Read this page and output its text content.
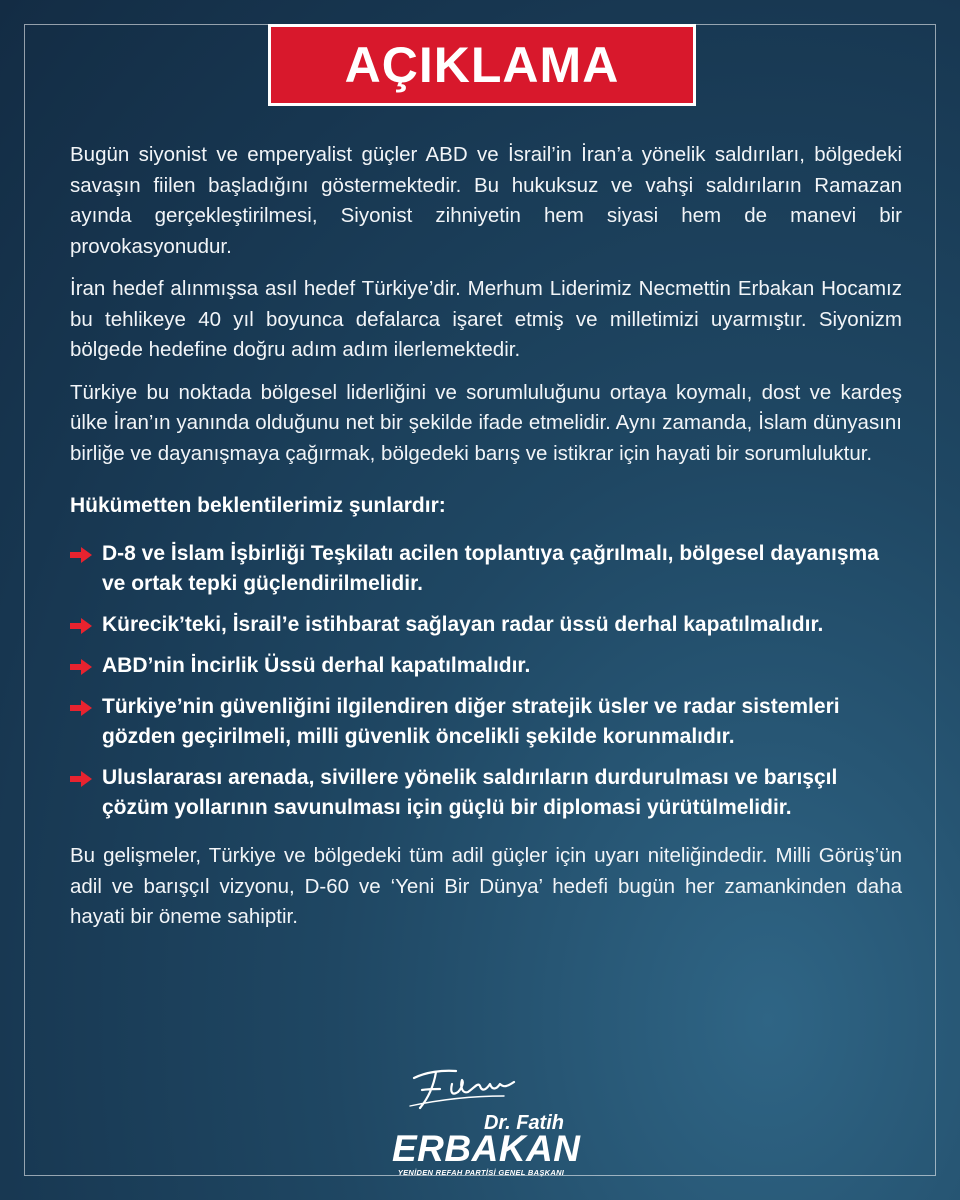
AÇIKLAMA

Bugün siyonist ve emperyalist güçler ABD ve İsrail’in İran’a yönelik saldırıları, bölgedeki savaşın fiilen başladığını göstermektedir. Bu hukuksuz ve vahşi saldırıların Ramazan ayında gerçekleştirilmesi, Siyonist zihniyetin hem siyasi hem de manevi bir provokasyonudur.

İran hedef alınmışsa asıl hedef Türkiye’dir. Merhum Liderimiz Necmettin Erbakan Hocamız bu tehlikeye 40 yıl boyunca defalarca işaret etmiş ve milletimizi uyarmıştır. Siyonizm bölgede hedefine doğru adım adım ilerlemektedir.

Türkiye bu noktada bölgesel liderliğini ve sorumluluğunu ortaya koymalı, dost ve kardeş ülke İran’ın yanında olduğunu net bir şekilde ifade etmelidir. Aynı zamanda, İslam dünyasını birliğe ve dayanışmaya çağırmak, bölgedeki barış ve istikrar için hayati bir sorumluluktur.

Hükümetten beklentilerimiz şunlardır:
D-8 ve İslam İşbirliği Teşkilatı acilen toplantıya çağrılmalı, bölgesel dayanışma ve ortak tepki güçlendirilmelidir.
Kürecik’teki, İsrail’e istihbarat sağlayan radar üssü derhal kapatılmalıdır.
ABD’nin İncirlik Üssü derhal kapatılmalıdır.
Türkiye’nin güvenliğini ilgilendiren diğer stratejik üsler ve radar sistemleri gözden geçirilmeli, milli güvenlik öncelikli şekilde korunmalıdır.
Uluslararası arenada, sivillere yönelik saldırıların durdurulması ve barışçıl çözüm yollarının savunulması için güçlü bir diplomasi yürütülmelidir.

Bu gelişmeler, Türkiye ve bölgedeki tüm adil güçler için uyarı niteliğindedir. Milli Görüş’ün adil ve barışçıl vizyonu, D-60 ve ‘Yeni Bir Dünya’ hedefi bugün her zamankinden daha hayati bir öneme sahiptir.

Dr. Fatih
ERBAKAN
YENİDEN REFAH PARTİSİ GENEL BAŞKANI
